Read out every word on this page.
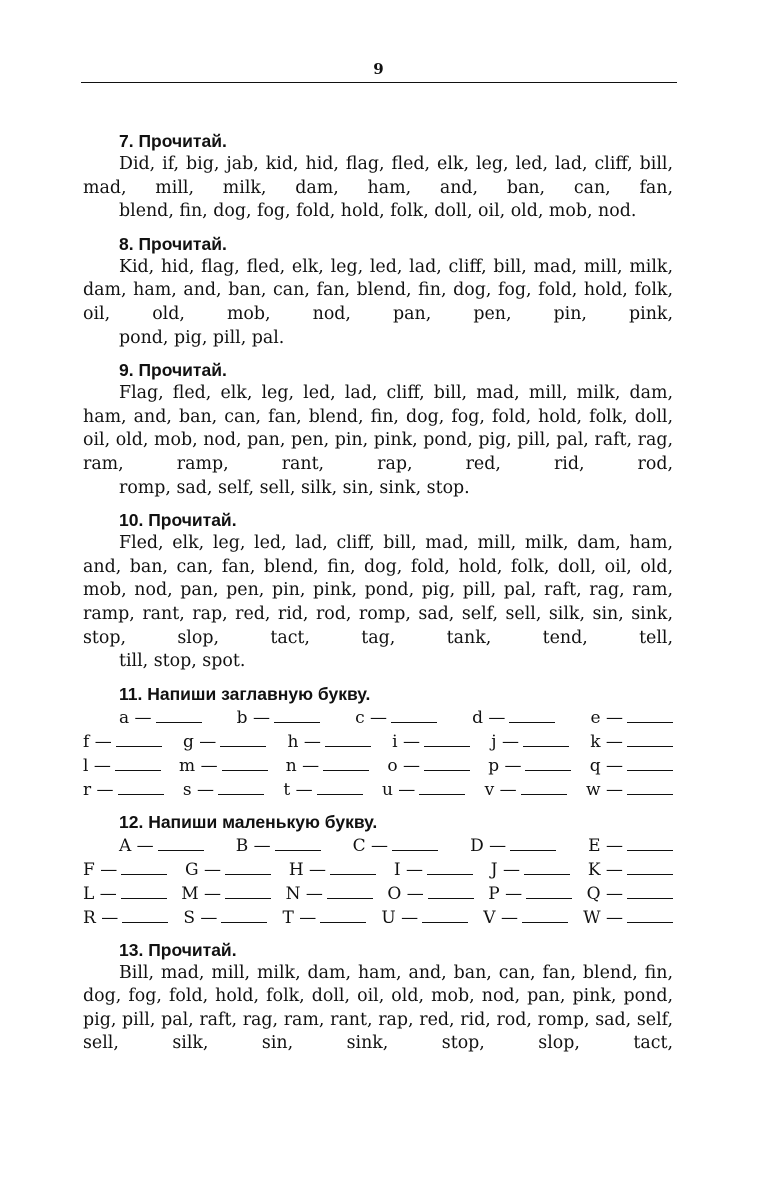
9
7. Прочитай.
Did, if, big, jab, kid, hid, flag, fled, elk, leg, led, lad, cliff, bill, mad, mill, milk, dam, ham, and, ban, can, fan,
blend, fin, dog, fog, fold, hold, folk, doll, oil, old, mob, nod.
8. Прочитай.
Kid, hid, flag, fled, elk, leg, led, lad, cliff, bill, mad, mill, milk, dam, ham, and, ban, can, fan, blend, fin, dog, fog, fold, hold, folk, oil, old, mob, nod, pan, pen, pin, pink,
pond, pig, pill, pal.
9. Прочитай.
Flag, fled, elk, leg, led, lad, cliff, bill, mad, mill, milk, dam, ham, and, ban, can, fan, blend, fin, dog, fog, fold, hold, folk, doll, oil, old, mob, nod, pan, pen, pin, pink, pond, pig, pill, pal, raft, rag, ram, ramp, rant, rap, red, rid, rod,
romp, sad, self, sell, silk, sin, sink, stop.
10. Прочитай.
Fled, elk, leg, led, lad, cliff, bill, mad, mill, milk, dam, ham, and, ban, can, fan, blend, fin, dog, fold, hold, folk, doll, oil, old, mob, nod, pan, pen, pin, pink, pond, pig, pill, pal, raft, rag, ram, ramp, rant, rap, red, rid, rod, romp, sad, self, sell, silk, sin, sink, stop, slop, tact, tag, tank, tend, tell,
till, stop, spot.
11. Напиши заглавную букву.
a —	b —	c —	d —	e —
f —	g —	h —	i —	j —	k —
l —	m —	n —	o —	p —	q —
r —	s —	t —	u —	v —	w —
12. Напиши маленькую букву.
A —	B —	C —	D —	E —
F —	G —	H —	I —	J —	K —
L —	M —	N —	O —	P —	Q —
R —	S —	T —	U —	V —	W —
13. Прочитай.
Bill, mad, mill, milk, dam, ham, and, ban, can, fan, blend, fin, dog, fog, fold, hold, folk, doll, oil, old, mob, nod, pan, pink, pond, pig, pill, pal, raft, rag, ram, rant, rap, red, rid, rod, romp, sad, self, sell, silk, sin, sink, stop, slop, tact,
